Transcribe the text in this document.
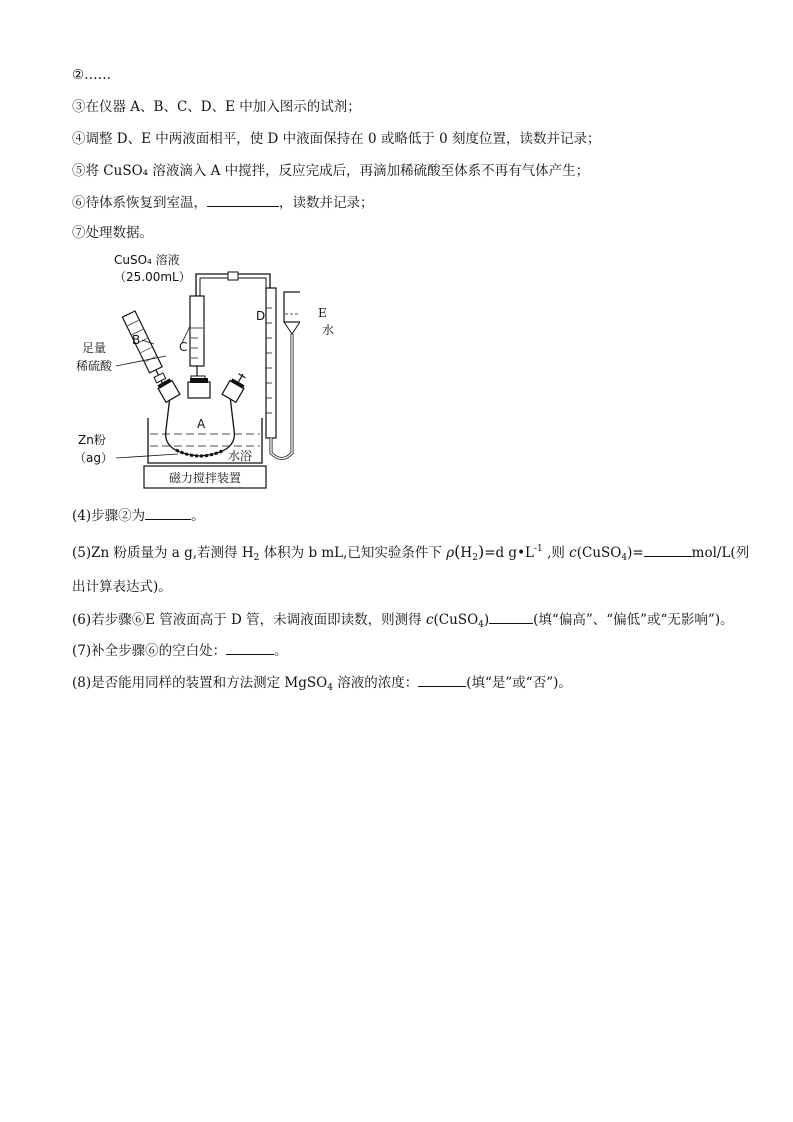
②……
③在仪器 A、B、C、D、E 中加入图示的试剂；
④调整 D、E 中两液面相平，使 D 中液面保持在 0 或略低于 0 刻度位置，读数并记录；
⑤将 CuSO₄ 溶液滴入 A 中搅拌，反应完成后，再滴加稀硫酸至体系不再有气体产生；
⑥待体系恢复到室温，	，读数并记录；
⑦处理数据。
CuSO₄ 溶液
（25.00mL）
C
B
足量
稀硫酸
A
水浴
Zn粉
（ag）
磁力搅拌装置
D	E
水
(4)步骤②为	。
(5)Zn 粉质量为 a g,若测得 $H_2$ 体积为 b mL,已知实验条件下 $\rho(H_2)=d$ $g•L^{-1}$ ,则 c(CuSO$_4$)=	mol/L(列
出计算表达式)。
(6)若步骤⑥E 管液面高于 D 管，未调液面即读数，则测得 c(CuSO$_4$)	(填“偏高”、“偏低”或“无影响”)。
(7)补全步骤⑥的空白处：	。
(8)是否能用同样的装置和方法测定 MgSO$_4$ 溶液的浓度：	(填“是”或“否”)。
